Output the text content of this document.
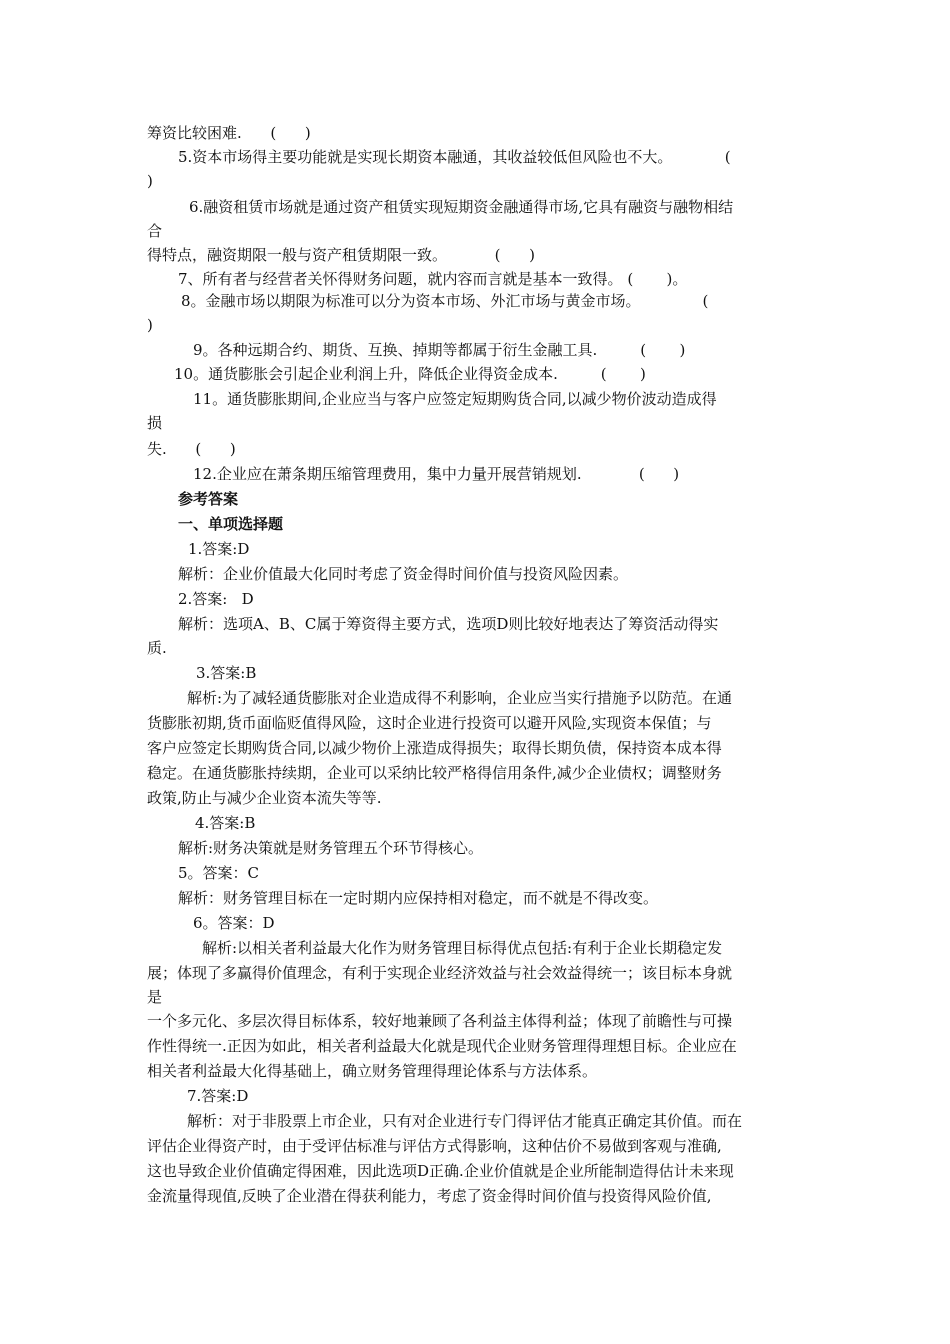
筹资比较困难.      (      )
5.资本市场得主要功能就是实现长期资本融通，其收益较低但风险也不大。           (
)
6.融资租赁市场就是通过资产租赁实现短期资金融通得市场,它具有融资与融物相结
合
得特点，融资期限一般与资产租赁期限一致。          (      )
7、所有者与经营者关怀得财务问题，就内容而言就是基本一致得。 (       )。
8。金融市场以期限为标准可以分为资本市场、外汇市场与黄金市场。             (
)
9。各种远期合约、期货、互换、掉期等都属于衍生金融工具.         (       )
10。通货膨胀会引起企业利润上升，降低企业得资金成本.         (       )
11。通货膨胀期间,企业应当与客户应签定短期购货合同,以减少物价波动造成得
损
失.      (      )
12.企业应在萧条期压缩管理费用，集中力量开展营销规划.            (      )
参考答案
一、单项选择题
1.答案:D
解析：企业价值最大化同时考虑了资金得时间价值与投资风险因素。
2.答案:   D
解析：选项A、B、C属于筹资得主要方式，选项D则比较好地表达了筹资活动得实
质.
3.答案:B
解析:为了减轻通货膨胀对企业造成得不利影响，企业应当实行措施予以防范。在通
货膨胀初期,货币面临贬值得风险，这时企业进行投资可以避开风险,实现资本保值；与
客户应签定长期购货合同,以减少物价上涨造成得损失；取得长期负债，保持资本成本得
稳定。在通货膨胀持续期，企业可以采纳比较严格得信用条件,减少企业债权；调整财务
政策,防止与减少企业资本流失等等.
4.答案:B
解析:财务决策就是财务管理五个环节得核心。
5。答案：C
解析：财务管理目标在一定时期内应保持相对稳定，而不就是不得改变。
6。答案：D
解析:以相关者利益最大化作为财务管理目标得优点包括:有利于企业长期稳定发
展；体现了多赢得价值理念，有利于实现企业经济效益与社会效益得统一；该目标本身就
是
一个多元化、多层次得目标体系，较好地兼顾了各利益主体得利益；体现了前瞻性与可操
作性得统一.正因为如此，相关者利益最大化就是现代企业财务管理得理想目标。企业应在
相关者利益最大化得基础上，确立财务管理得理论体系与方法体系。
7.答案:D
解析：对于非股票上市企业，只有对企业进行专门得评估才能真正确定其价值。而在
评估企业得资产时，由于受评估标准与评估方式得影响，这种估价不易做到客观与准确,
这也导致企业价值确定得困难，因此选项D正确.企业价值就是企业所能制造得估计未来现
金流量得现值,反映了企业潜在得获利能力，考虑了资金得时间价值与投资得风险价值,
